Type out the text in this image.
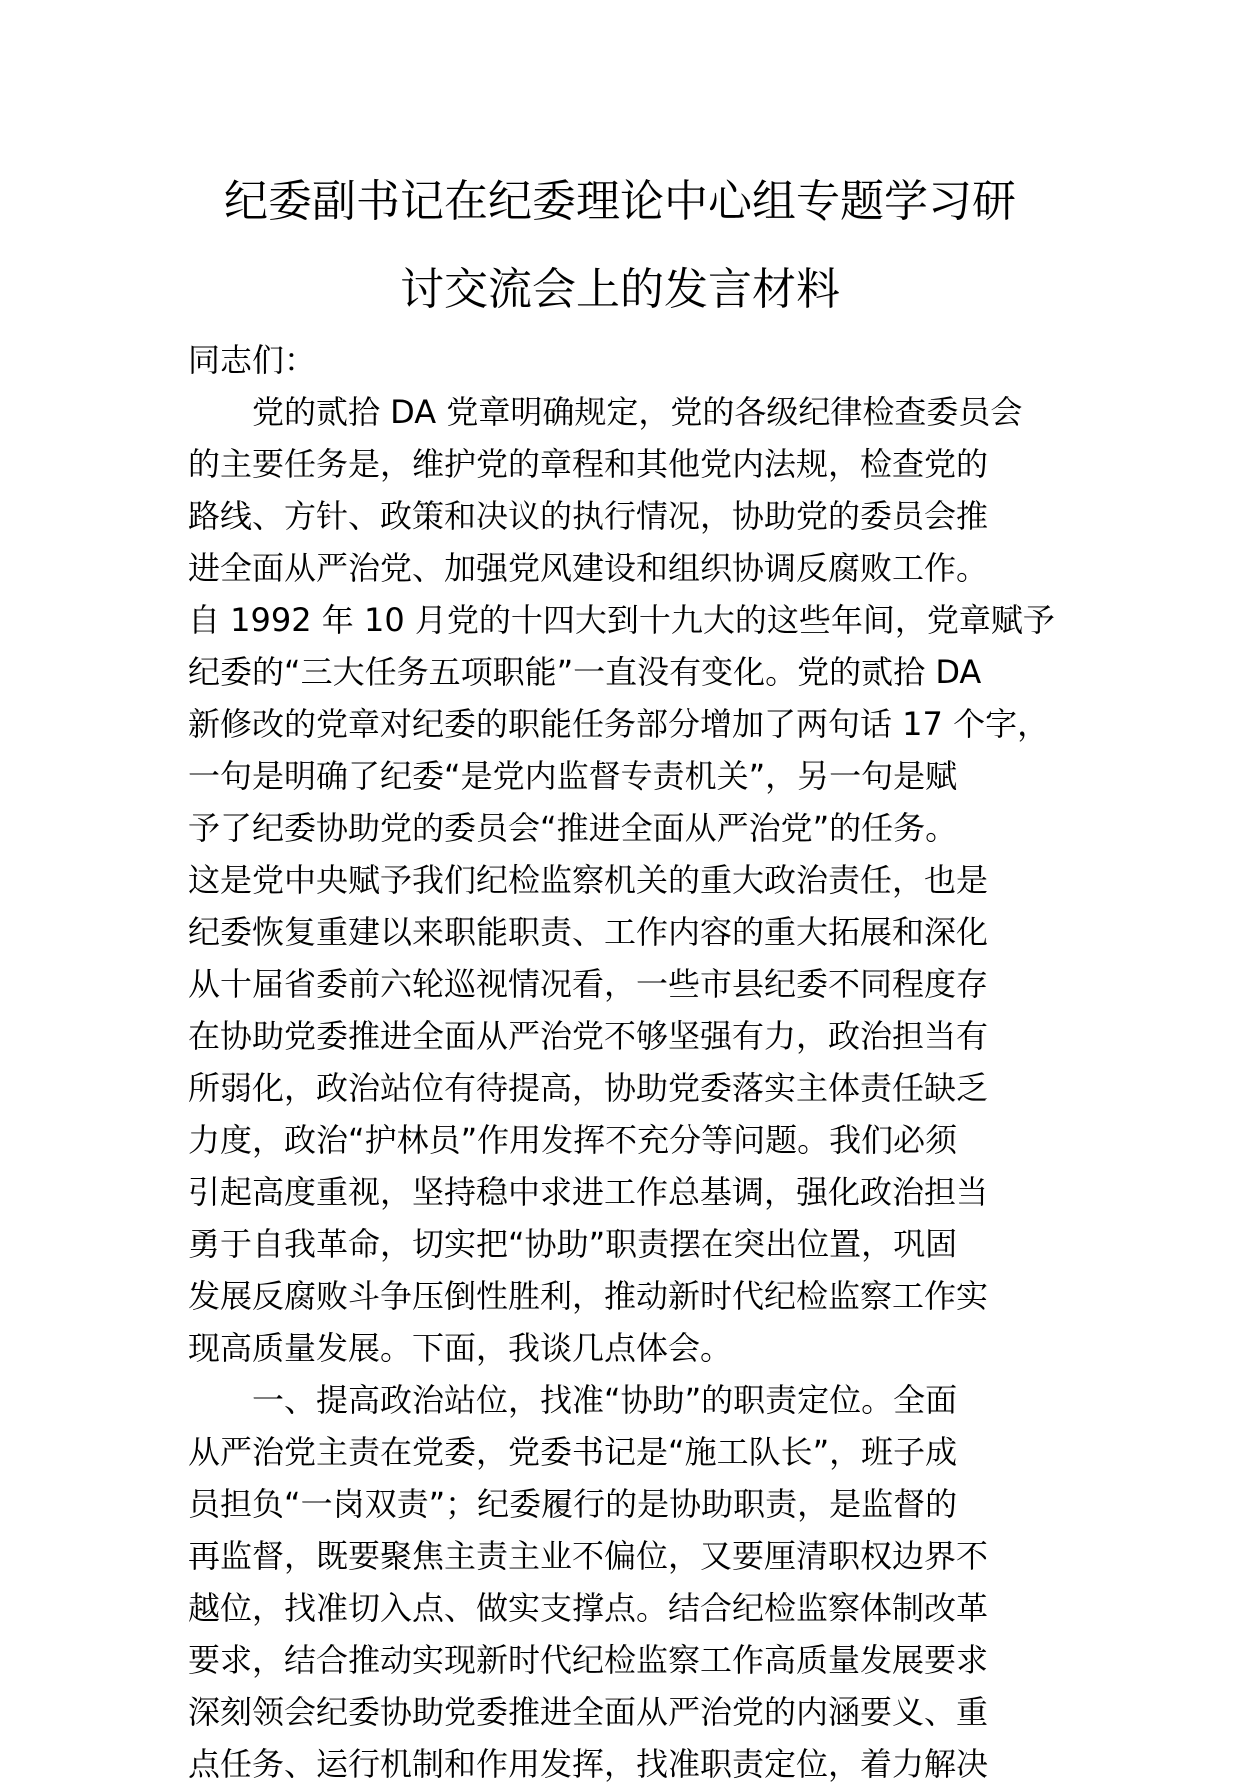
纪委副书记在纪委理论中心组专题学习研
讨交流会上的发言材料
同志们：
党的贰拾 DA 党章明确规定，党的各级纪律检查委员会
的主要任务是，维护党的章程和其他党内法规，检查党的
路线、方针、政策和决议的执行情况，协助党的委员会推
进全面从严治党、加强党风建设和组织协调反腐败工作。
自 1992 年 10 月党的十四大到十九大的这些年间，党章赋予
纪委的“三大任务五项职能”一直没有变化。党的贰拾 DA
新修改的党章对纪委的职能任务部分增加了两句话 17 个字，
一句是明确了纪委“是党内监督专责机关”，另一句是赋
予了纪委协助党的委员会“推进全面从严治党”的任务。
这是党中央赋予我们纪检监察机关的重大政治责任，也是
纪委恢复重建以来职能职责、工作内容的重大拓展和深化
从十届省委前六轮巡视情况看，一些市县纪委不同程度存
在协助党委推进全面从严治党不够坚强有力，政治担当有
所弱化，政治站位有待提高，协助党委落实主体责任缺乏
力度，政治“护林员”作用发挥不充分等问题。我们必须
引起高度重视，坚持稳中求进工作总基调，强化政治担当
勇于自我革命，切实把“协助”职责摆在突出位置，巩固
发展反腐败斗争压倒性胜利，推动新时代纪检监察工作实
现高质量发展。下面，我谈几点体会。
一、提高政治站位，找准“协助”的职责定位。全面
从严治党主责在党委，党委书记是“施工队长”，班子成
员担负“一岗双责”；纪委履行的是协助职责，是监督的
再监督，既要聚焦主责主业不偏位，又要厘清职权边界不
越位，找准切入点、做实支撑点。结合纪检监察体制改革
要求，结合推动实现新时代纪检监察工作高质量发展要求
深刻领会纪委协助党委推进全面从严治党的内涵要义、重
点任务、运行机制和作用发挥，找准职责定位，着力解决
